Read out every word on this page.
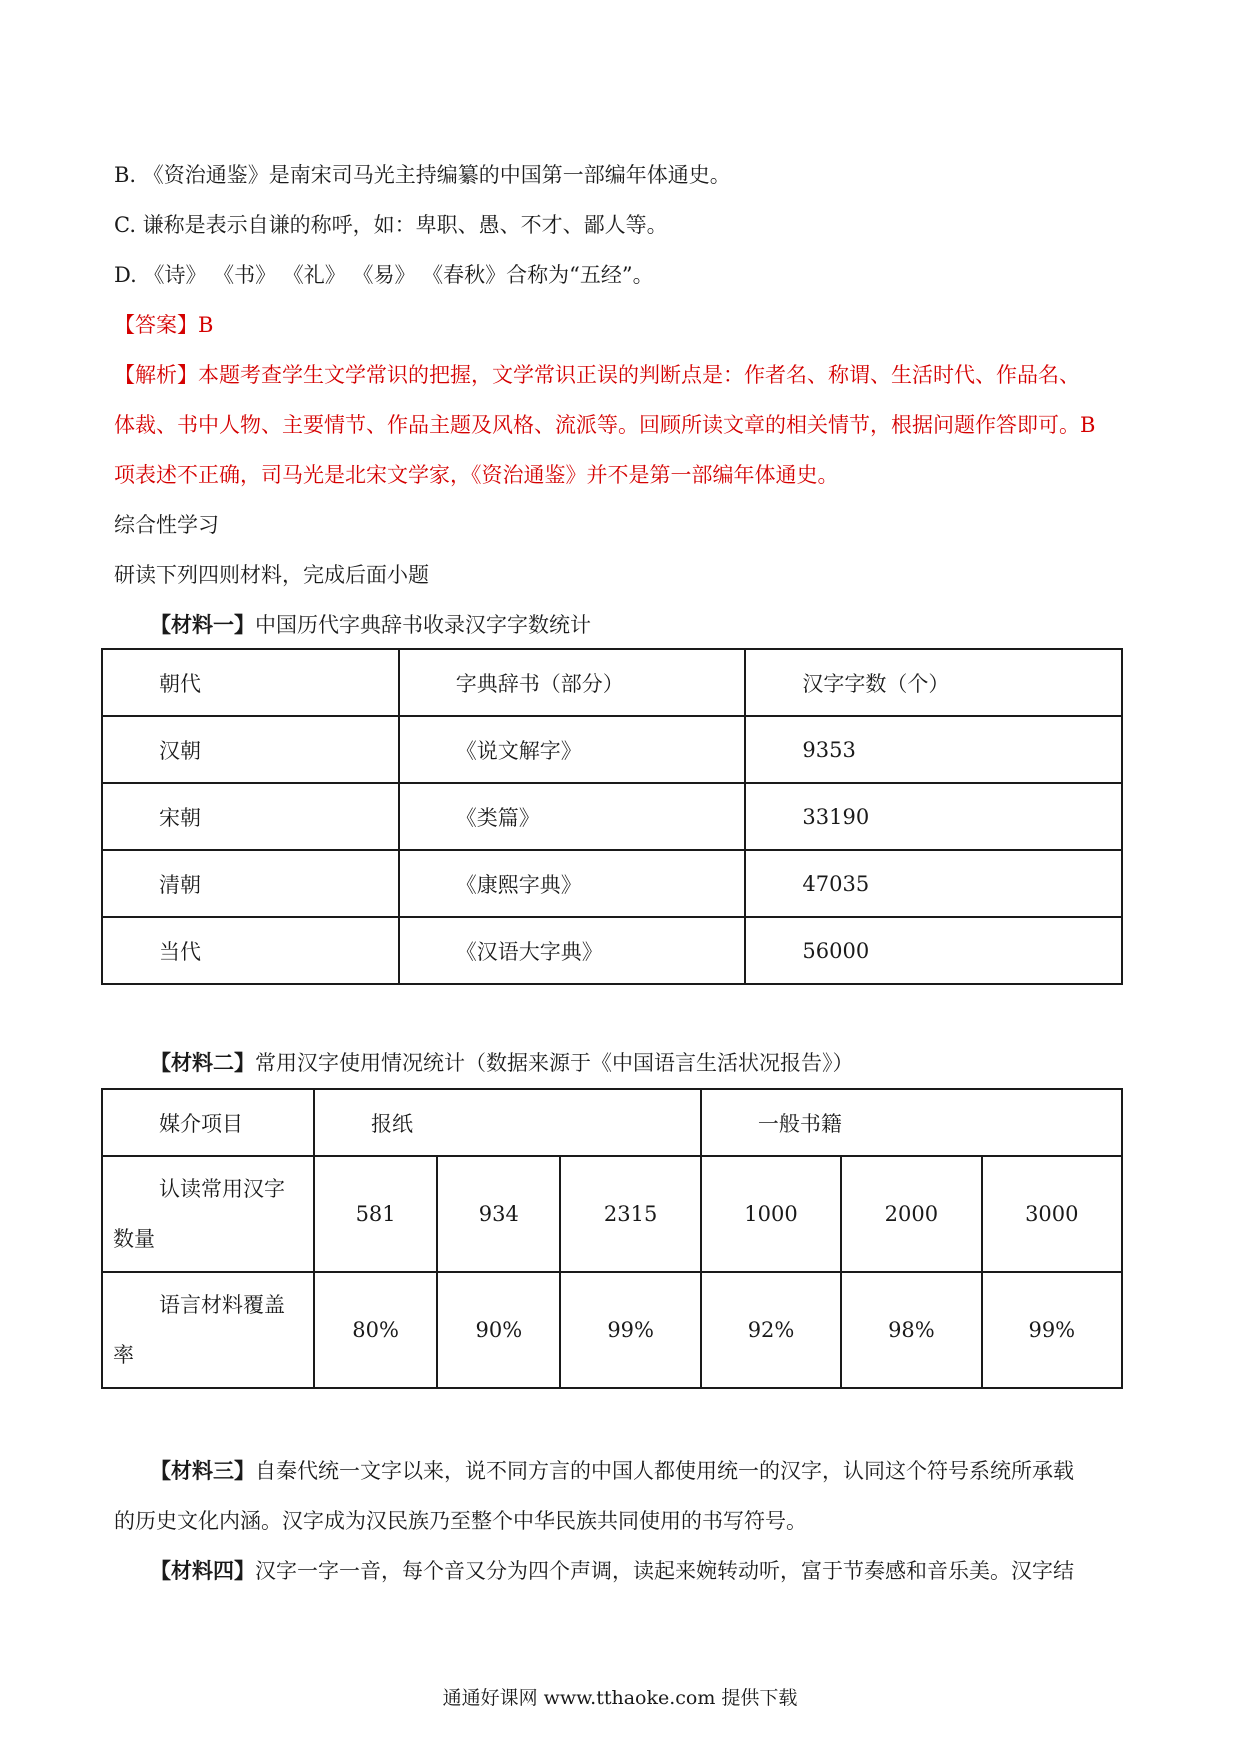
B. 《资治通鉴》是南宋司马光主持编纂的中国第一部编年体通史。
C. 谦称是表示自谦的称呼，如：卑职、愚、不才、鄙人等。
D. 《诗》 《书》 《礼》 《易》 《春秋》合称为“五经”。
【答案】B
【解析】本题考查学生文学常识的把握，文学常识正误的判断点是：作者名、称谓、生活时代、作品名、
体裁、书中人物、主要情节、作品主题及风格、流派等。回顾所读文章的相关情节，根据问题作答即可。B
项表述不正确，司马光是北宋文学家，《资治通鉴》并不是第一部编年体通史。
综合性学习
研读下列四则材料，完成后面小题
【材料一】中国历代字典辞书收录汉字字数统计
朝代	字典辞书（部分）	汉字字数（个）
汉朝	《说文解字》	9353
宋朝	《类篇》	33190
清朝	《康熙字典》	47035
当代	《汉语大字典》	56000
【材料二】常用汉字使用情况统计（数据来源于《中国语言生活状况报告》）
媒介项目	报纸			一般书籍		

认读常用汉字
数量	581	934	2315	1000	2000	3000

语言材料覆盖
率	80%	90%	99%	92%	98%	99%
【材料三】自秦代统一文字以来，说不同方言的中国人都使用统一的汉字，认同这个符号系统所承载
的历史文化内涵。汉字成为汉民族乃至整个中华民族共同使用的书写符号。
【材料四】汉字一字一音，每个音又分为四个声调，读起来婉转动听，富于节奏感和音乐美。汉字结
通通好课网 www.tthaoke.com 提供下载
